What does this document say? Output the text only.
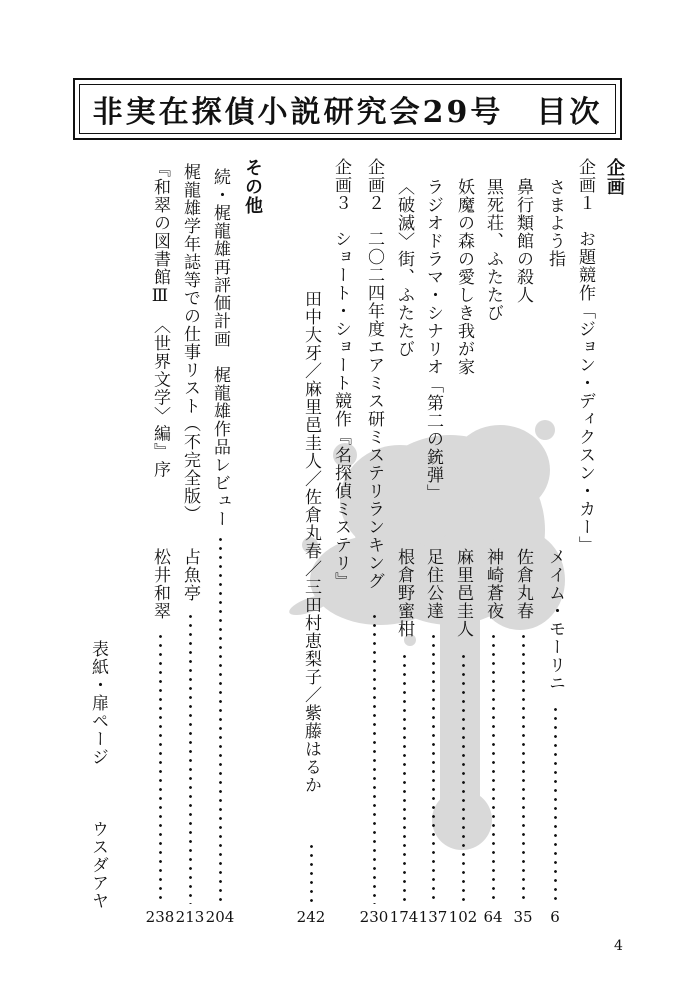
非実在探偵小説研究会29号　目次
企画
企画１　お題競作「ジョン・ディクスン・カー」
メイム・モーリニ
6
さまよう指
佐倉丸春
35
鼻行類館の殺人
神崎蒼夜
64
黒死荘、ふたたび
麻里邑圭人
102
妖魔の森の愛しき我が家
足住公達
137
ラジオドラマ・シナリオ「第二の銃弾」
根倉野蜜柑
174
〈破滅〉街、ふたたび
企画２　二〇二四年度エアミス研ミステリランキング
230
企画３　ショート・ショート競作『名探偵ミステリ』
田中大牙／麻里邑圭人／佐倉丸春／三田村恵梨子／紫藤はるか
242
その他
続・梶龍雄再評価計画　梶龍雄作品レビュー
204
梶龍雄学年誌等での仕事リスト（不完全版）
占魚亭
213
『和翠の図書館Ⅲ　〈世界文学〉編』序
松井和翠
238
表紙・扉ページ
ウスダアヤ
4
